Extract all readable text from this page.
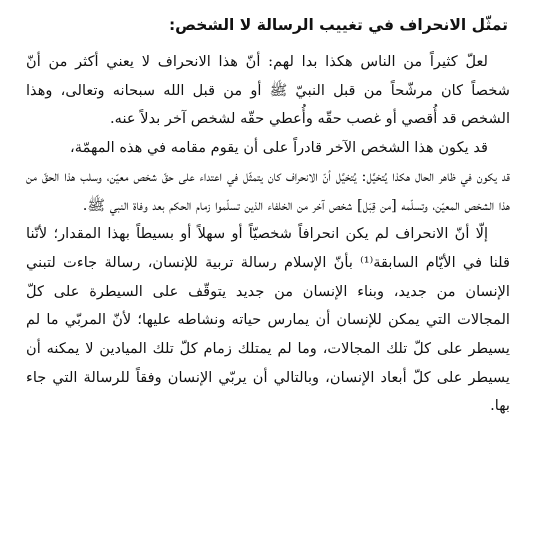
تمثّل الانحراف في تغييب الرسالة لا الشخص:

لعلّ كثيراً من الناس هكذا بدا لهم: أنّ هذا الانحراف لا يعني أكثر من أنّ شخصاً كان مرشّحاً من قبل النبيّ ﷺ أو من قبل الله سبحانه وتعالى، وهذا الشخص قد أُقصي أو غصب حقّه وأُعطي حقّه لشخص آخر بدلاً عنه.

قد يكون هذا الشخص الآخر قادراً على أن يقوم مقامه في هذه المهمّة،

قد يكون في ظاهر الحال هكذا يُتخيَّل: يُتخيَّل أنّ الانحراف كان يتمثّل في اعتداء على حقّ شخص معيّن، وسلب هذا الحقّ من هذا الشخص المعيّن، وتسلّمه [من قِبَل] شخص آخر من الخلفاء الذين تسلّموا زمام الحكم بعد وفاة النبي ﷺ.

إلّا أنّ الانحراف لم يكن انحرافاً شخصيّاً أو سهلاً أو بسيطاً بهذا المقدار؛ لأنّنا قلنا في الأيّام السابقة⁽¹⁾ بأنّ الإسلام رسالة تربية للإنسان، رسالة جاءت لتبني الإنسان من جديد، وبناء الإنسان من جديد يتوقّف على السيطرة على كلّ المجالات التي يمكن للإنسان أن يمارس حياته ونشاطه عليها؛ لأنّ المربّي ما لم يسيطر على كلّ تلك المجالات، وما لم يمتلك زمام كلّ تلك الميادين لا يمكنه أن يسيطر على كلّ أبعاد الإنسان، وبالتالي أن يربّي الإنسان وفقاً للرسالة التي جاء بها.
